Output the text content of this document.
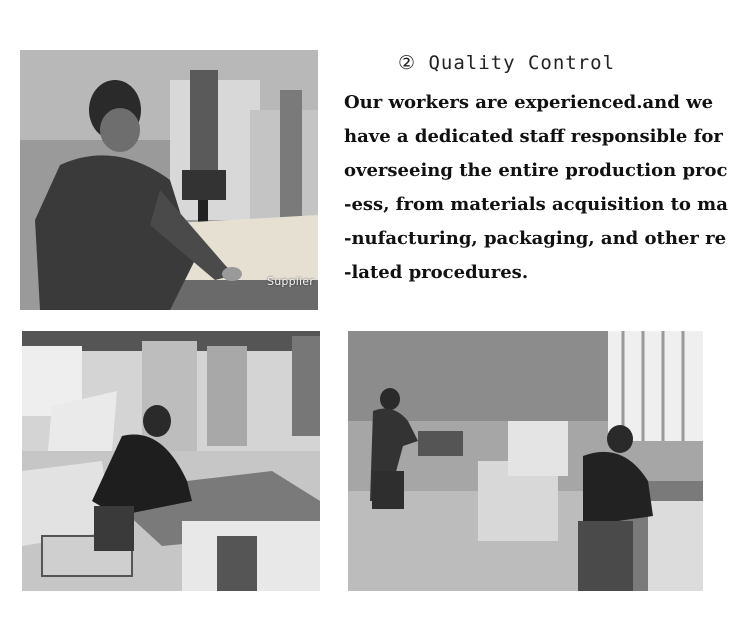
Supplier
② Quality Control
Our workers are experienced.and we
have a dedicated staff responsible for
overseeing the entire production proc
-ess, from materials acquisition to ma
-nufacturing, packaging, and other re
-lated procedures.
